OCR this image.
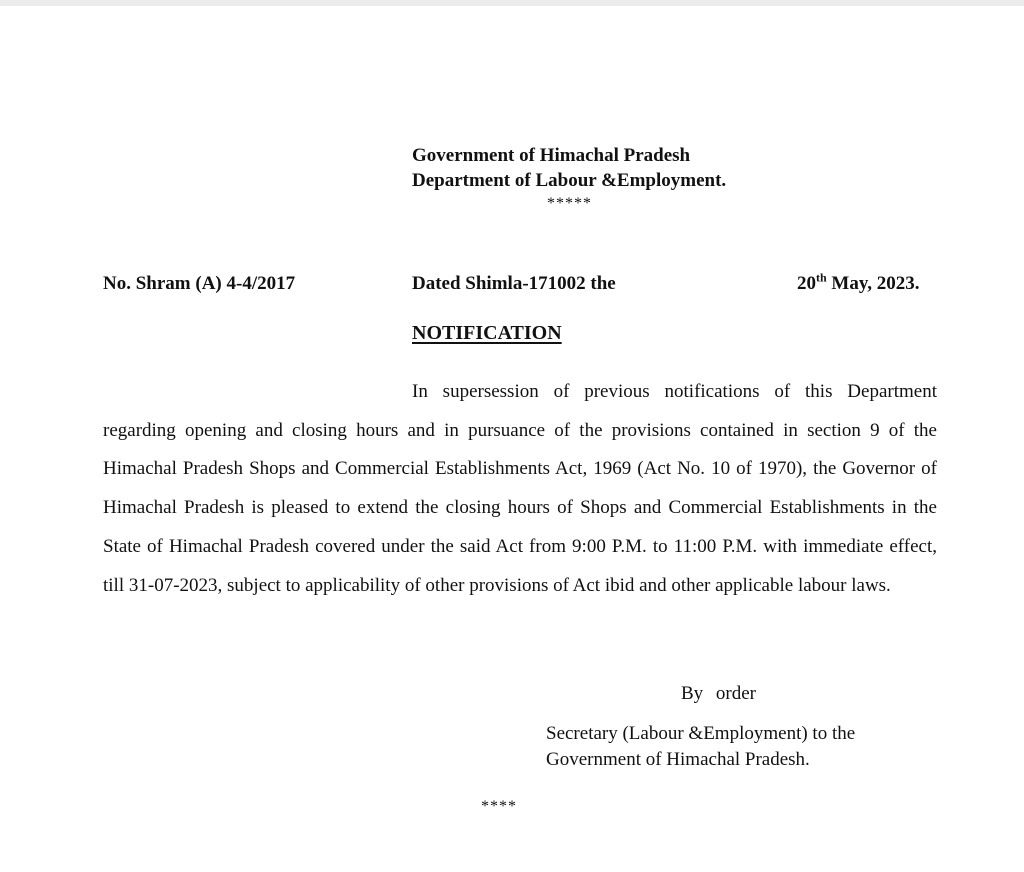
Government of Himachal Pradesh
Department of Labour &Employment.
*****
No. Shram (A) 4-4/2017	Dated Shimla-171002 the	20th May, 2023.
NOTIFICATION

In supersession of previous notifications of this Department regarding opening and closing hours and in pursuance of the provisions contained in section 9 of the Himachal Pradesh Shops and Commercial Establishments Act, 1969 (Act No. 10 of 1970), the Governor of Himachal Pradesh is pleased to extend the closing hours of Shops and Commercial Establishments in the State of Himachal Pradesh covered under the said Act from 9:00 P.M. to 11:00 P.M. with immediate effect, till 31-07-2023, subject to applicability of other provisions of Act ibid and other applicable labour laws.

By order
Secretary (Labour &Employment) to the
Government of Himachal Pradesh.
****
